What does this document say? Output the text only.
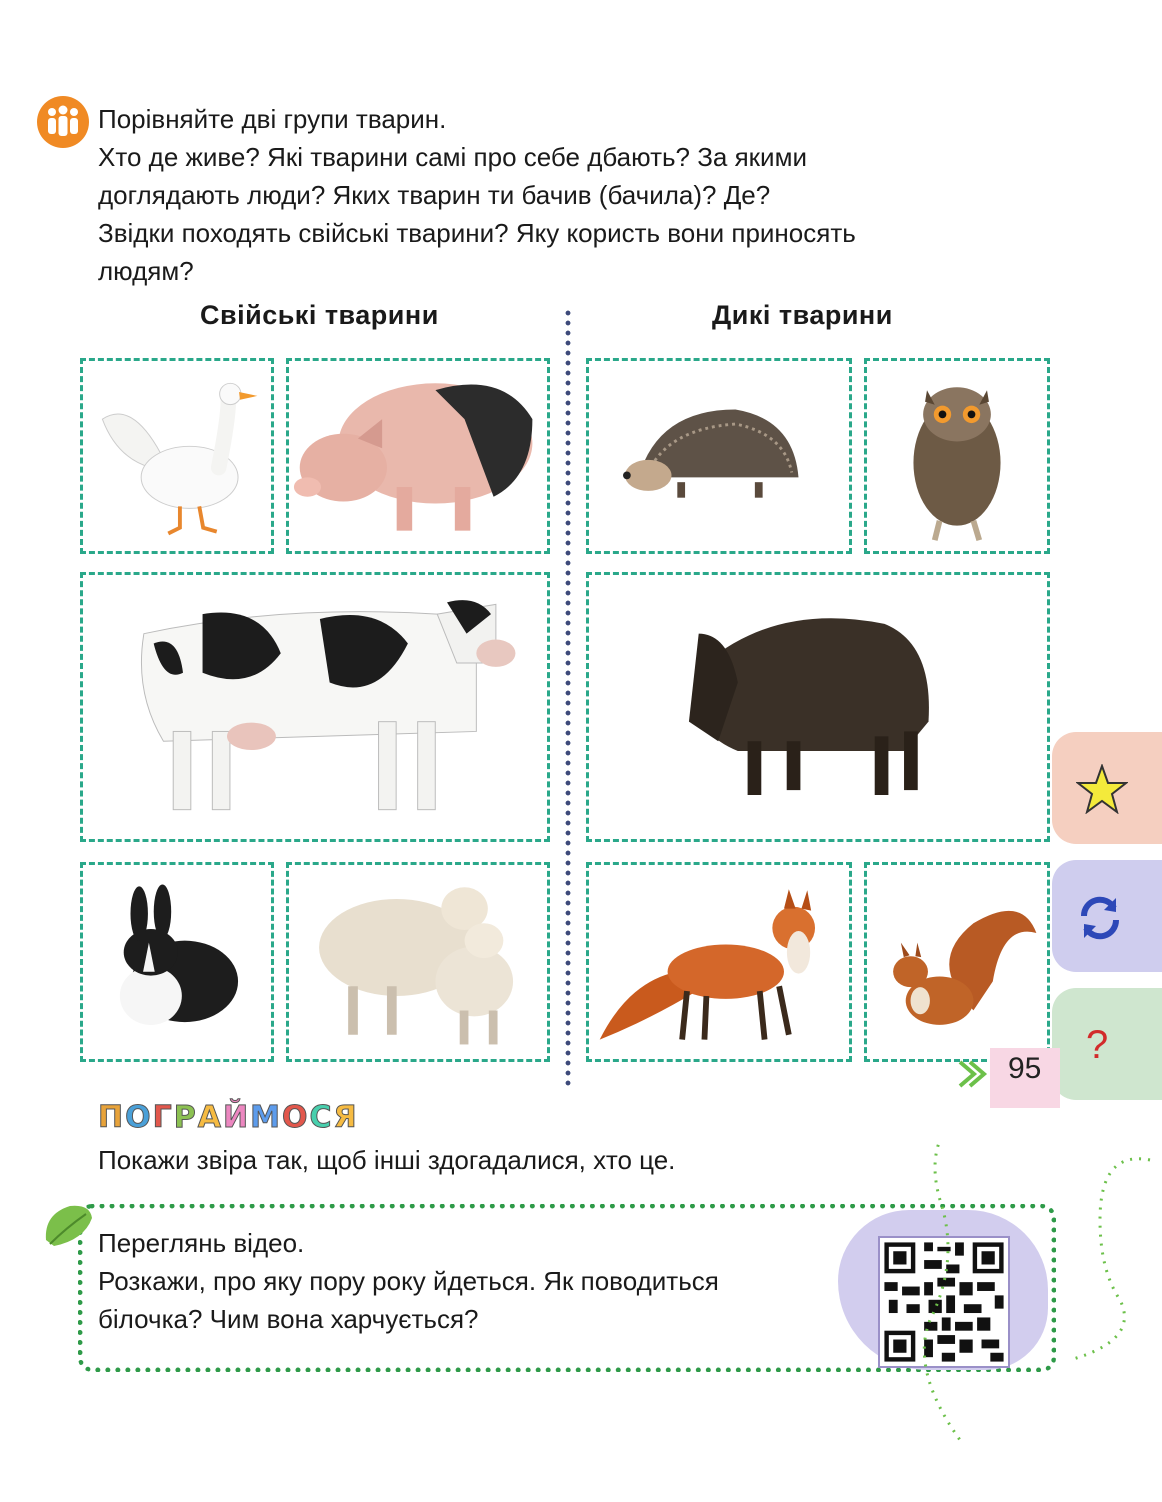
Порівняйте дві групи тварин.

Хто де живе? Які тварини самі про себе дбають? За якими

доглядають люди? Яких тварин ти бачив (бачила)? Де?

Звідки походять свійські тварини? Яку користь вони приносять

людям?

Свійські тварини	Дикі тварини
?
П О Г Р А Й М О С Я
Покажи звіра так, щоб інші здогадалися, хто це.

Переглянь відео.

Розкажи, про яку пору року йдеться. Як поводиться

білочка? Чим вона харчується?

95
